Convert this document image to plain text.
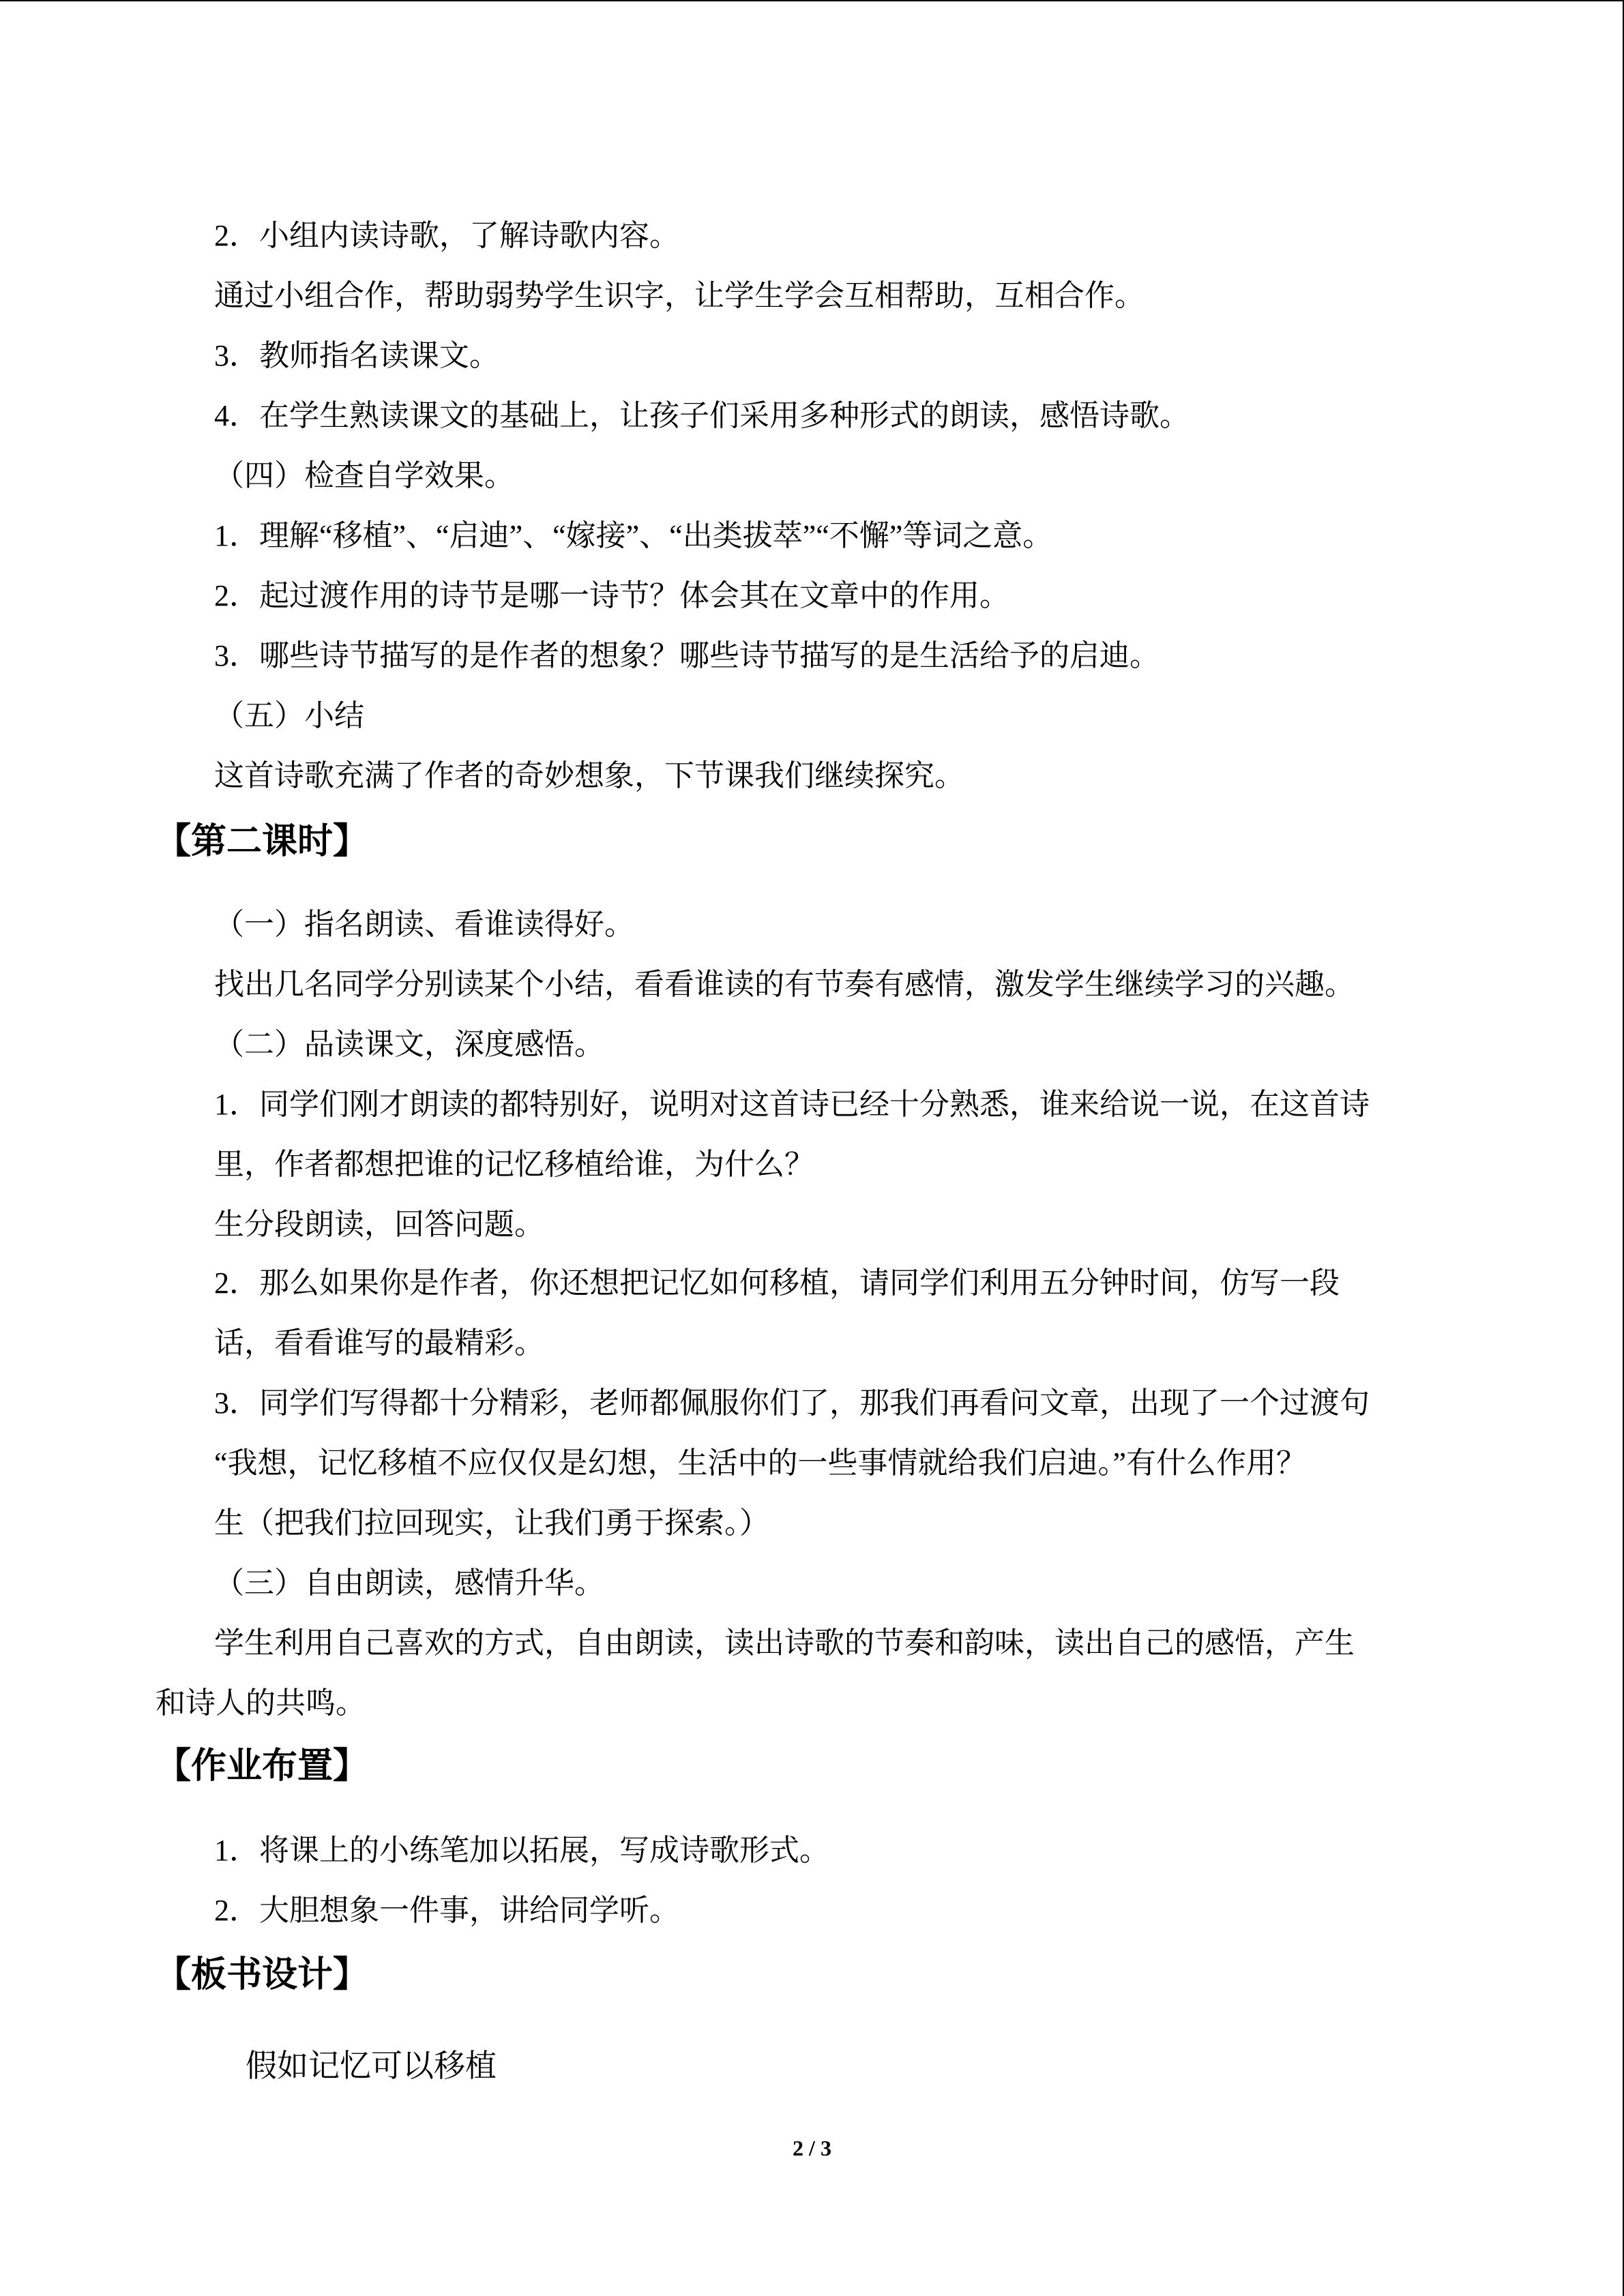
2．小组内读诗歌，了解诗歌内容。
通过小组合作，帮助弱势学生识字，让学生学会互相帮助，互相合作。
3．教师指名读课文。
4．在学生熟读课文的基础上，让孩子们采用多种形式的朗读，感悟诗歌。
（四）检查自学效果。
1．理解“移植”、“启迪”、“嫁接”、“出类拔萃”“不懈”等词之意。
2．起过渡作用的诗节是哪一诗节？体会其在文章中的作用。
3．哪些诗节描写的是作者的想象？哪些诗节描写的是生活给予的启迪。
（五）小结
这首诗歌充满了作者的奇妙想象，下节课我们继续探究。
【第二课时】
（一）指名朗读、看谁读得好。
找出几名同学分别读某个小结，看看谁读的有节奏有感情，激发学生继续学习的兴趣。
（二）品读课文，深度感悟。
1．同学们刚才朗读的都特别好，说明对这首诗已经十分熟悉，谁来给说一说，在这首诗
里，作者都想把谁的记忆移植给谁，为什么？
生分段朗读，回答问题。
2．那么如果你是作者，你还想把记忆如何移植，请同学们利用五分钟时间，仿写一段
话，看看谁写的最精彩。
3．同学们写得都十分精彩，老师都佩服你们了，那我们再看问文章，出现了一个过渡句
“我想，记忆移植不应仅仅是幻想，生活中的一些事情就给我们启迪。”有什么作用？
生（把我们拉回现实，让我们勇于探索。）
（三）自由朗读，感情升华。
学生利用自己喜欢的方式，自由朗读，读出诗歌的节奏和韵味，读出自己的感悟，产生
和诗人的共鸣。
【作业布置】
1．将课上的小练笔加以拓展，写成诗歌形式。
2．大胆想象一件事，讲给同学听。
【板书设计】
假如记忆可以移植
2 / 3
